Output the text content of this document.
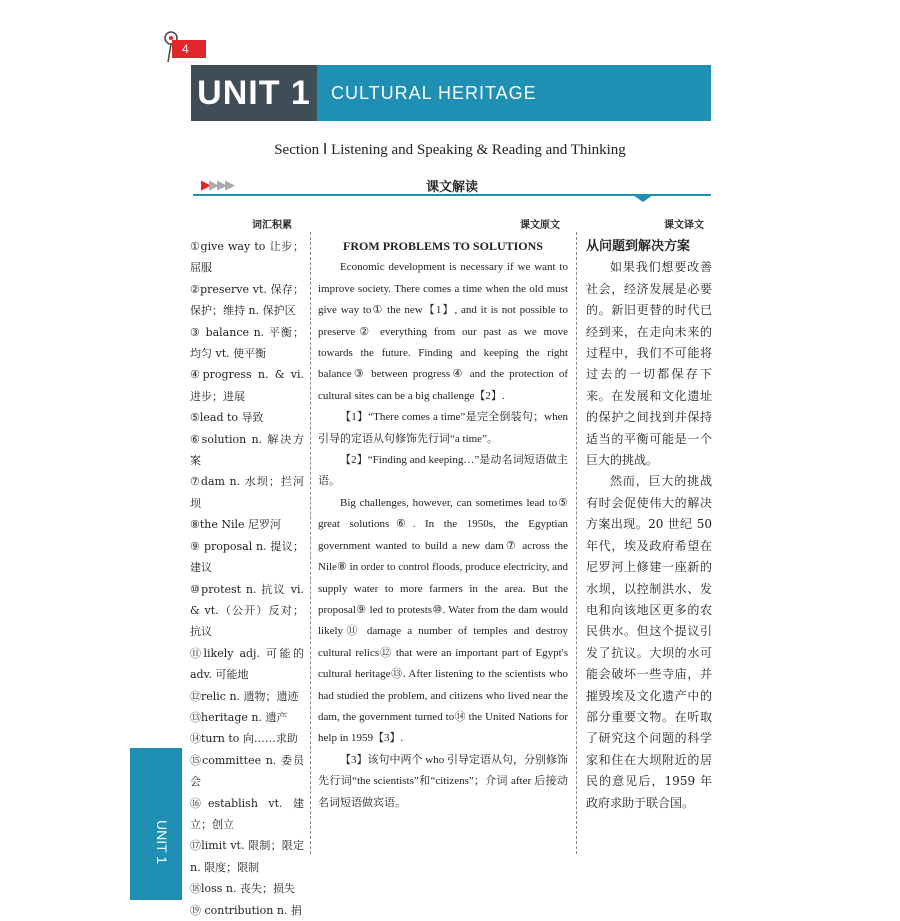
4
UNIT 1	CULTURAL HERITAGE
Section Ⅰ Listening and Speaking & Reading and Thinking
▶▶▶▶	课文解读
词汇积累	课文原文	课文译文
①give way to 让步；屈服
②preserve vt. 保存；保护；维持 n. 保护区
③ balance n. 平衡；均匀 vt. 使平衡
④progress n. & vi. 进步；进展
⑤lead to 导致
⑥solution n. 解决方案
⑦dam n. 水坝；拦河坝
⑧the Nile 尼罗河
⑨ proposal n. 提议；建议
⑩protest n. 抗议 vi. & vt.（公开）反对；抗议
⑪likely adj. 可能的 adv. 可能地
⑫relic n. 遗物；遗迹
⑬heritage n. 遗产
⑭turn to 向……求助
⑮committee n. 委员会
⑯establish vt. 建立；创立
⑰limit vt. 限制；限定 n. 限度；限制
⑱loss n. 丧失；损失
⑲ contribution n. 捐

FROM PROBLEMS TO SOLUTIONS

Economic development is necessary if we want to improve society. There comes a time when the old must give way to① the new【1】, and it is not possible to preserve② everything from our past as we move towards the future. Finding and keeping the right balance③ between progress④ and the protection of cultural sites can be a big challenge【2】.

【1】“There comes a time”是完全倒装句；when 引导的定语从句修饰先行词“a time”。

【2】“Finding and keeping…”是动名词短语做主语。

Big challenges, however, can sometimes lead to⑤ great solutions⑥. In the 1950s, the Egyptian government wanted to build a new dam⑦ across the Nile⑧ in order to control floods, produce electricity, and supply water to more farmers in the area. But the proposal⑨ led to protests⑩. Water from the dam would likely⑪ damage a number of temples and destroy cultural relics⑫ that were an important part of Egypt's cultural heritage⑬. After listening to the scientists who had studied the problem, and citizens who lived near the dam, the government turned to⑭ the United Nations for help in 1959【3】.

【3】该句中两个 who 引导定语从句，分别修饰先行词“the scientists”和“citizens”；介词 after 后接动名词短语做宾语。

从问题到解决方案

如果我们想要改善社会，经济发展是必要的。新旧更替的时代已经到来，在走向未来的过程中，我们不可能将过去的一切都保存下来。在发展和文化遗址的保护之间找到并保持适当的平衡可能是一个巨大的挑战。

然而，巨大的挑战有时会促使伟大的解决方案出现。20 世纪 50 年代，埃及政府希望在尼罗河上修建一座新的水坝，以控制洪水、发电和向该地区更多的农民供水。但这个提议引发了抗议。大坝的水可能会破坏一些寺庙，并摧毁埃及文化遗产中的部分重要文物。在听取了研究这个问题的科学家和住在大坝附近的居民的意见后，1959 年政府求助于联合国。

UNIT 1
